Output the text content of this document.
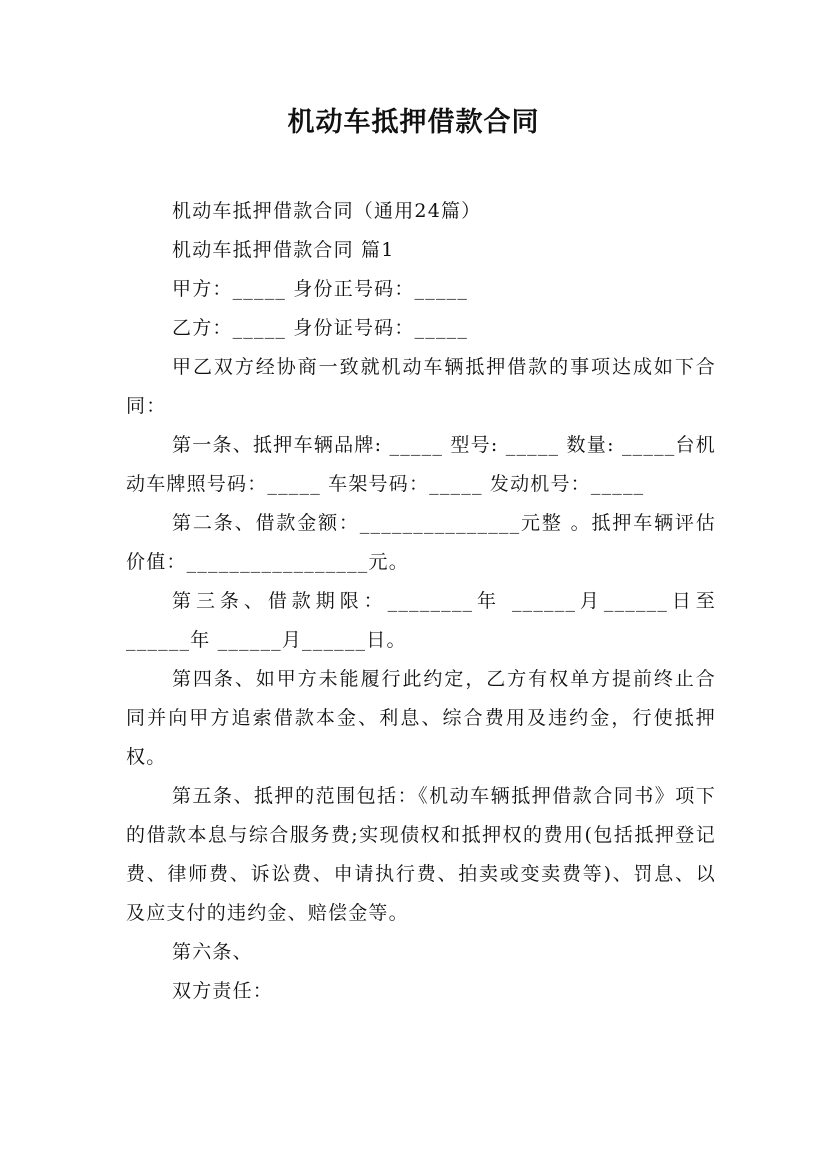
机动车抵押借款合同

机动车抵押借款合同（通用24篇）

机动车抵押借款合同 篇1

甲方：_____ 身份正号码：_____

乙方：_____ 身份证号码：_____

甲乙双方经协商一致就机动车辆抵押借款的事项达成如下合同：

第一条、抵押车辆品牌: _____ 型号: _____ 数量: _____台机动车牌照号码：_____ 车架号码：_____ 发动机号：_____

第二条、借款金额：_______________元整 。抵押车辆评估价值：_________________元。

第三条、借款期限：________年 ______月______日至______年 ______月______日。

第四条、如甲方未能履行此约定，乙方有权单方提前终止合同并向甲方追索借款本金、利息、综合费用及违约金，行使抵押权。

第五条、抵押的范围包括：《机动车辆抵押借款合同书》项下的借款本息与综合服务费;实现债权和抵押权的费用(包括抵押登记费、律师费、诉讼费、申请执行费、拍卖或变卖费等)、罚息、以及应支付的违约金、赔偿金等。

第六条、

双方责任：
